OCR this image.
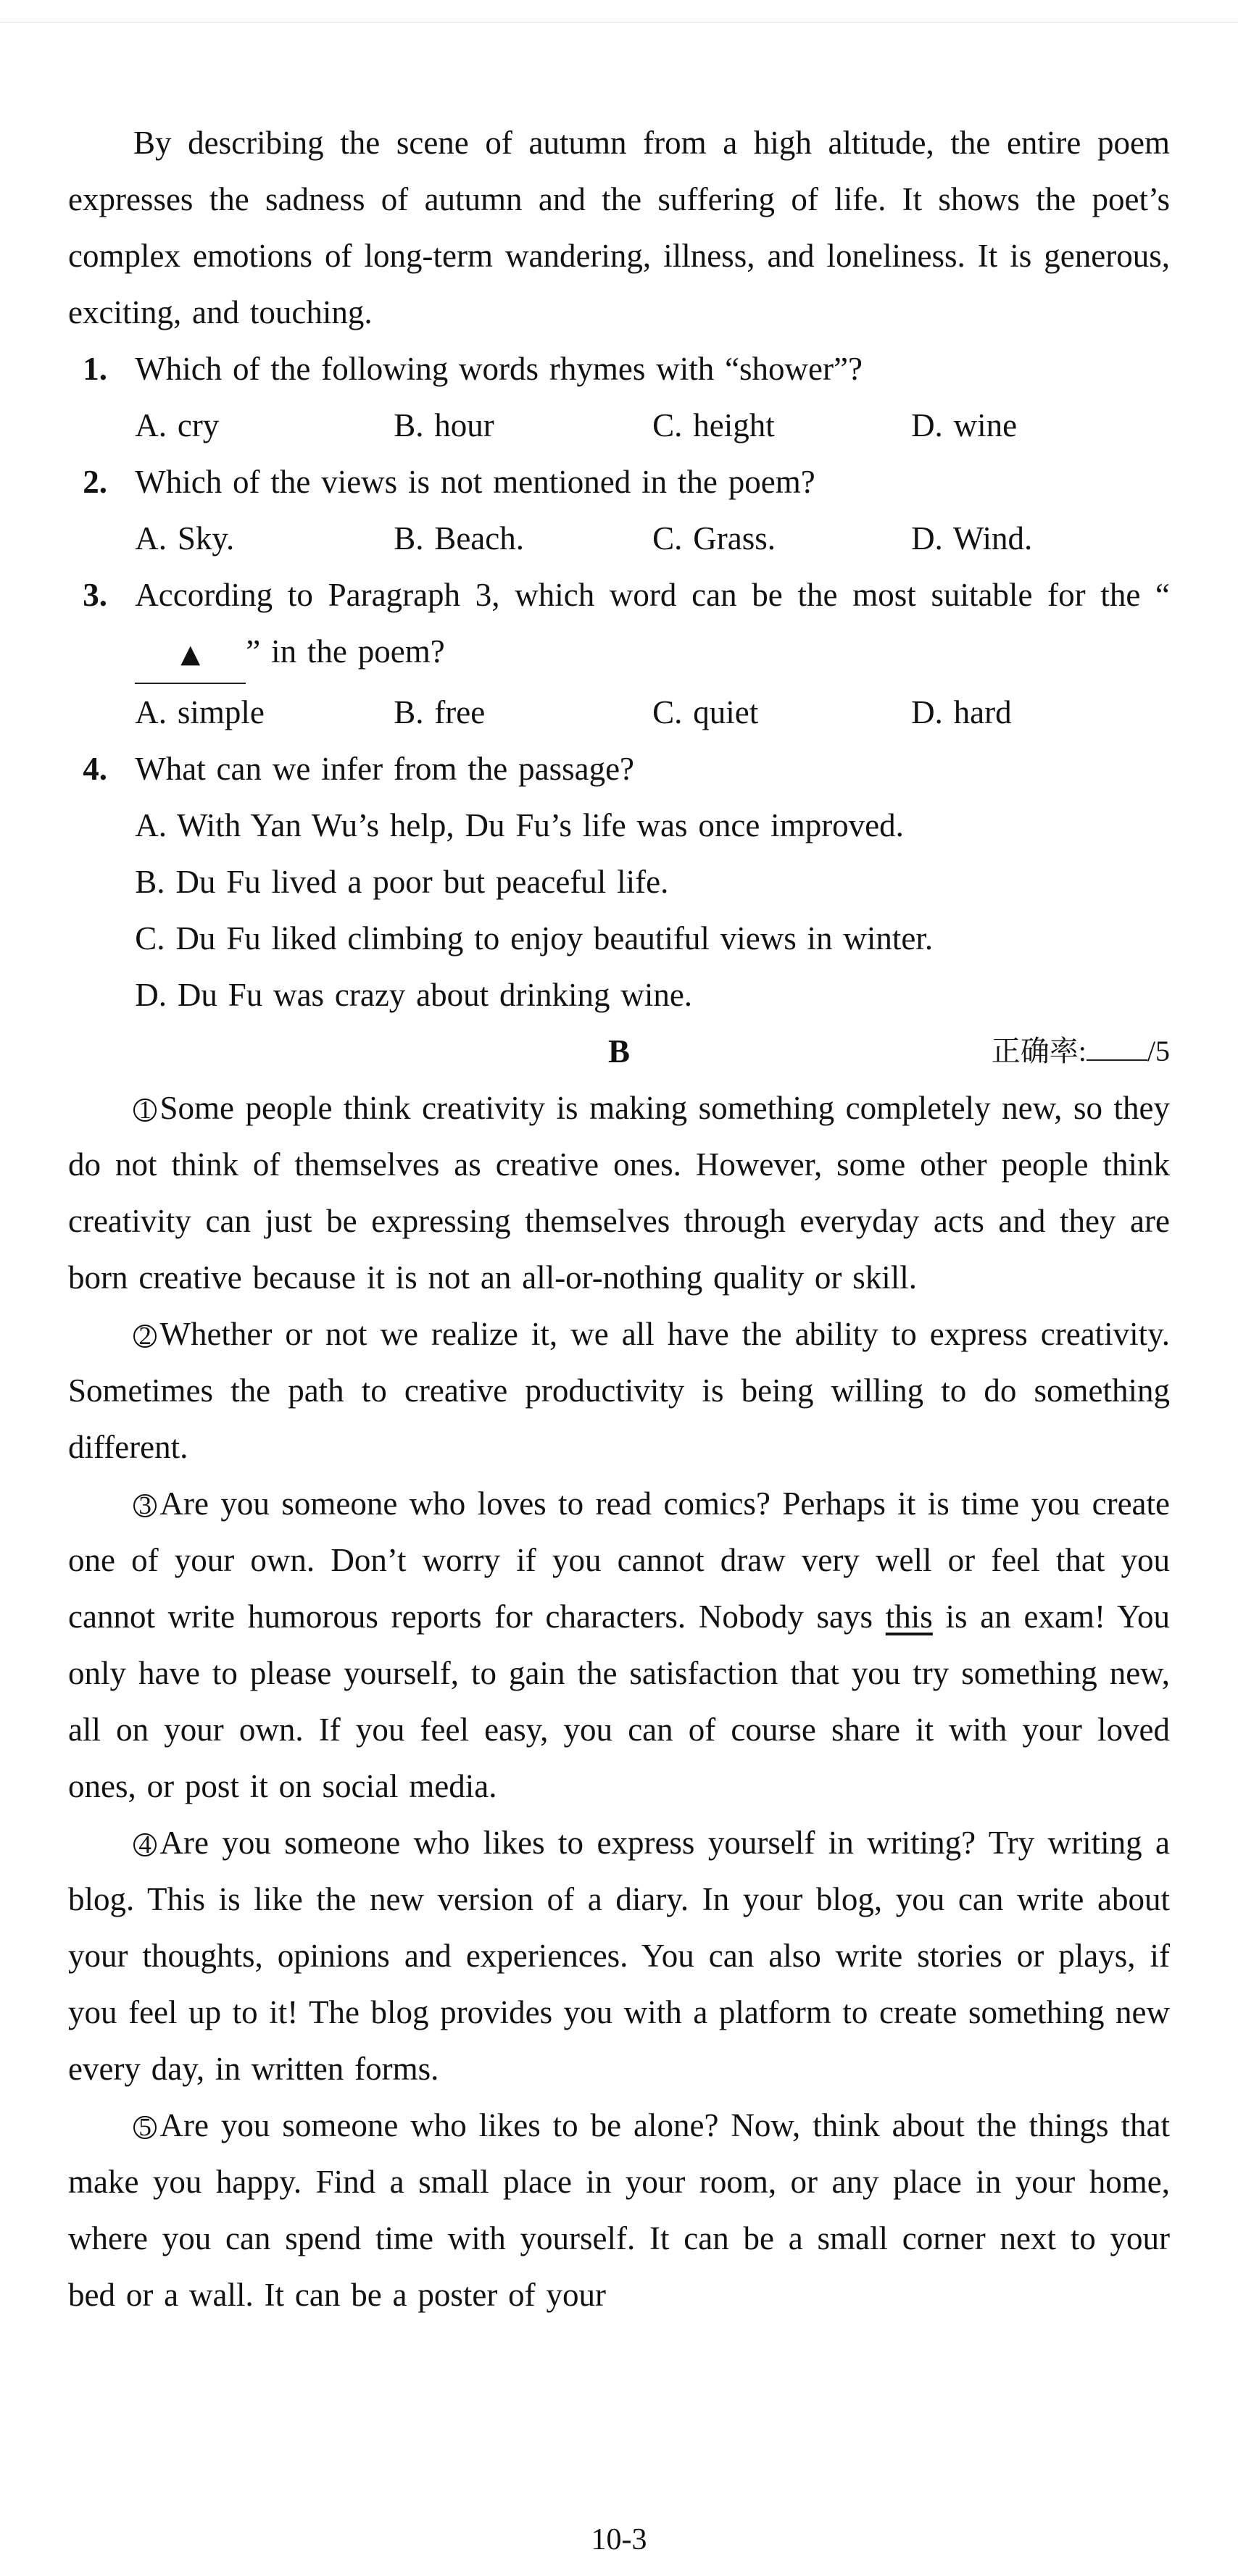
By describing the scene of autumn from a high altitude, the entire poem expresses the sadness of autumn and the suffering of life. It shows the poet’s complex emotions of long-term wandering, illness, and loneliness. It is generous, exciting, and touching.

1. Which of the following words rhymes with “shower”?
A. cry	B. hour	C. height	D. wine
2. Which of the views is not mentioned in the poem?
A. Sky.	B. Beach.	C. Grass.	D. Wind.
3. According to Paragraph 3, which word can be the most suitable for the “▲ ” in the poem?
A. simple	B. free	C. quiet	D. hard
4. What can we infer from the passage?
A. With Yan Wu’s help, Du Fu’s life was once improved.
B. Du Fu lived a poor but peaceful life.
C. Du Fu liked climbing to enjoy beautiful views in winter.
D. Du Fu was crazy about drinking wine.
B	正确率: /5

1 Some people think creativity is making something completely new, so they do not think of themselves as creative ones. However, some other people think creativity can just be expressing themselves through everyday acts and they are born creative because it is not an all-or-nothing quality or skill.

2 Whether or not we realize it, we all have the ability to express creativity. Sometimes the path to creative productivity is being willing to do something different.

3 Are you someone who loves to read comics? Perhaps it is time you create one of your own. Don’t worry if you cannot draw very well or feel that you cannot write humorous reports for characters. Nobody says this is an exam! You only have to please yourself, to gain the satisfaction that you try something new, all on your own. If you feel easy, you can of course share it with your loved ones, or post it on social media.

4 Are you someone who likes to express yourself in writing? Try writing a blog. This is like the new version of a diary. In your blog, you can write about your thoughts, opinions and experiences. You can also write stories or plays, if you feel up to it! The blog provides you with a platform to create something new every day, in written forms.

5 Are you someone who likes to be alone? Now, think about the things that make you happy. Find a small place in your room, or any place in your home, where you can spend time with yourself. It can be a small corner next to your bed or a wall. It can be a poster of your

10-3
